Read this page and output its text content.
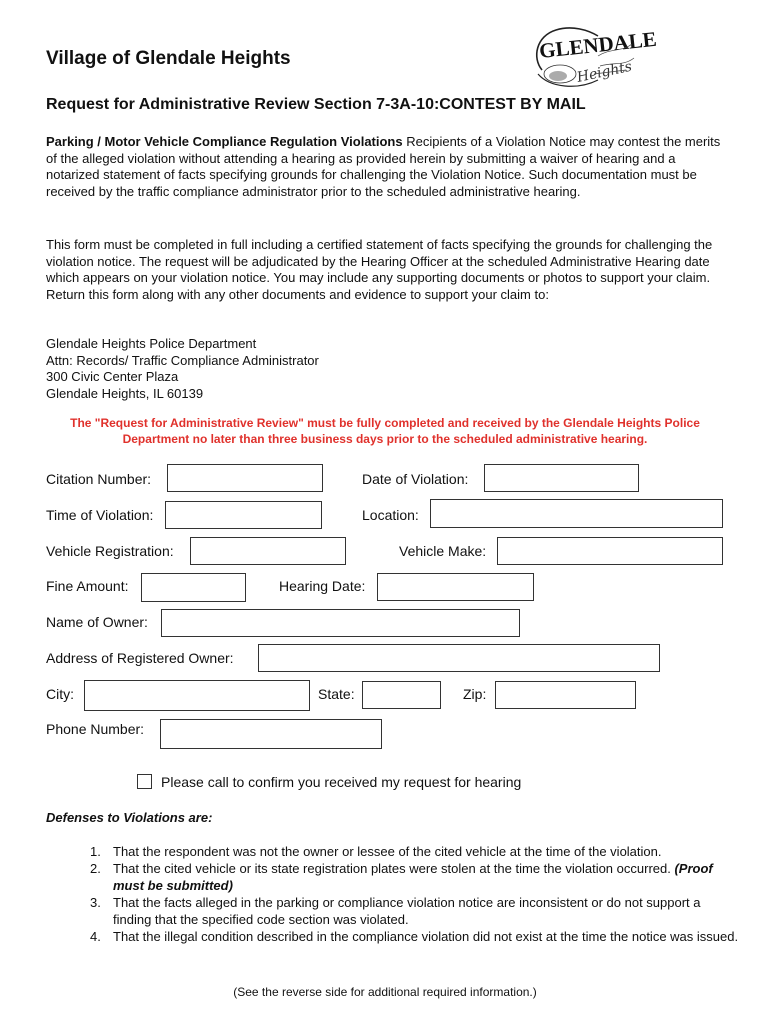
Village of Glendale Heights	GLENDALE
Heights
Request for Administrative Review Section 7-3A-10:CONTEST BY MAIL

Parking / Motor Vehicle Compliance Regulation Violations Recipients of a Violation Notice may contest the merits of the alleged violation without attending a hearing as provided herein by submitting a waiver of hearing and a notarized statement of facts specifying grounds for challenging the Violation Notice. Such documentation must be received by the traffic compliance administrator prior to the scheduled administrative hearing.

This form must be completed in full including a certified statement of facts specifying the grounds for challenging the violation notice. The request will be adjudicated by the Hearing Officer at the scheduled Administrative Hearing date which appears on your violation notice. You may include any supporting documents or photos to support your claim. Return this form along with any other documents and evidence to support your claim to:

Glendale Heights Police Department
Attn: Records/ Traffic Compliance Administrator
300 Civic Center Plaza
Glendale Heights, IL 60139
The "Request for Administrative Review" must be fully completed and received by the Glendale Heights Police
Department no later than three business days prior to the scheduled administrative hearing.
Citation Number:	Date of Violation:
Time of Violation:	Location:
Vehicle Registration:	Vehicle Make:
Fine Amount:	Hearing Date:
Name of Owner:
Address of Registered Owner:
City:	State:	Zip:
Phone Number:
Please call to confirm you received my request for hearing
Defenses to Violations are:
1. That the respondent was not the owner or lessee of the cited vehicle at the time of the violation.
2. That the cited vehicle or its state registration plates were stolen at the time the violation occurred. (Proof must be submitted)
3. That the facts alleged in the parking or compliance violation notice are inconsistent or do not support a finding that the specified code section was violated.
4. That the illegal condition described in the compliance violation did not exist at the time the notice was issued.
(See the reverse side for additional required information.)
